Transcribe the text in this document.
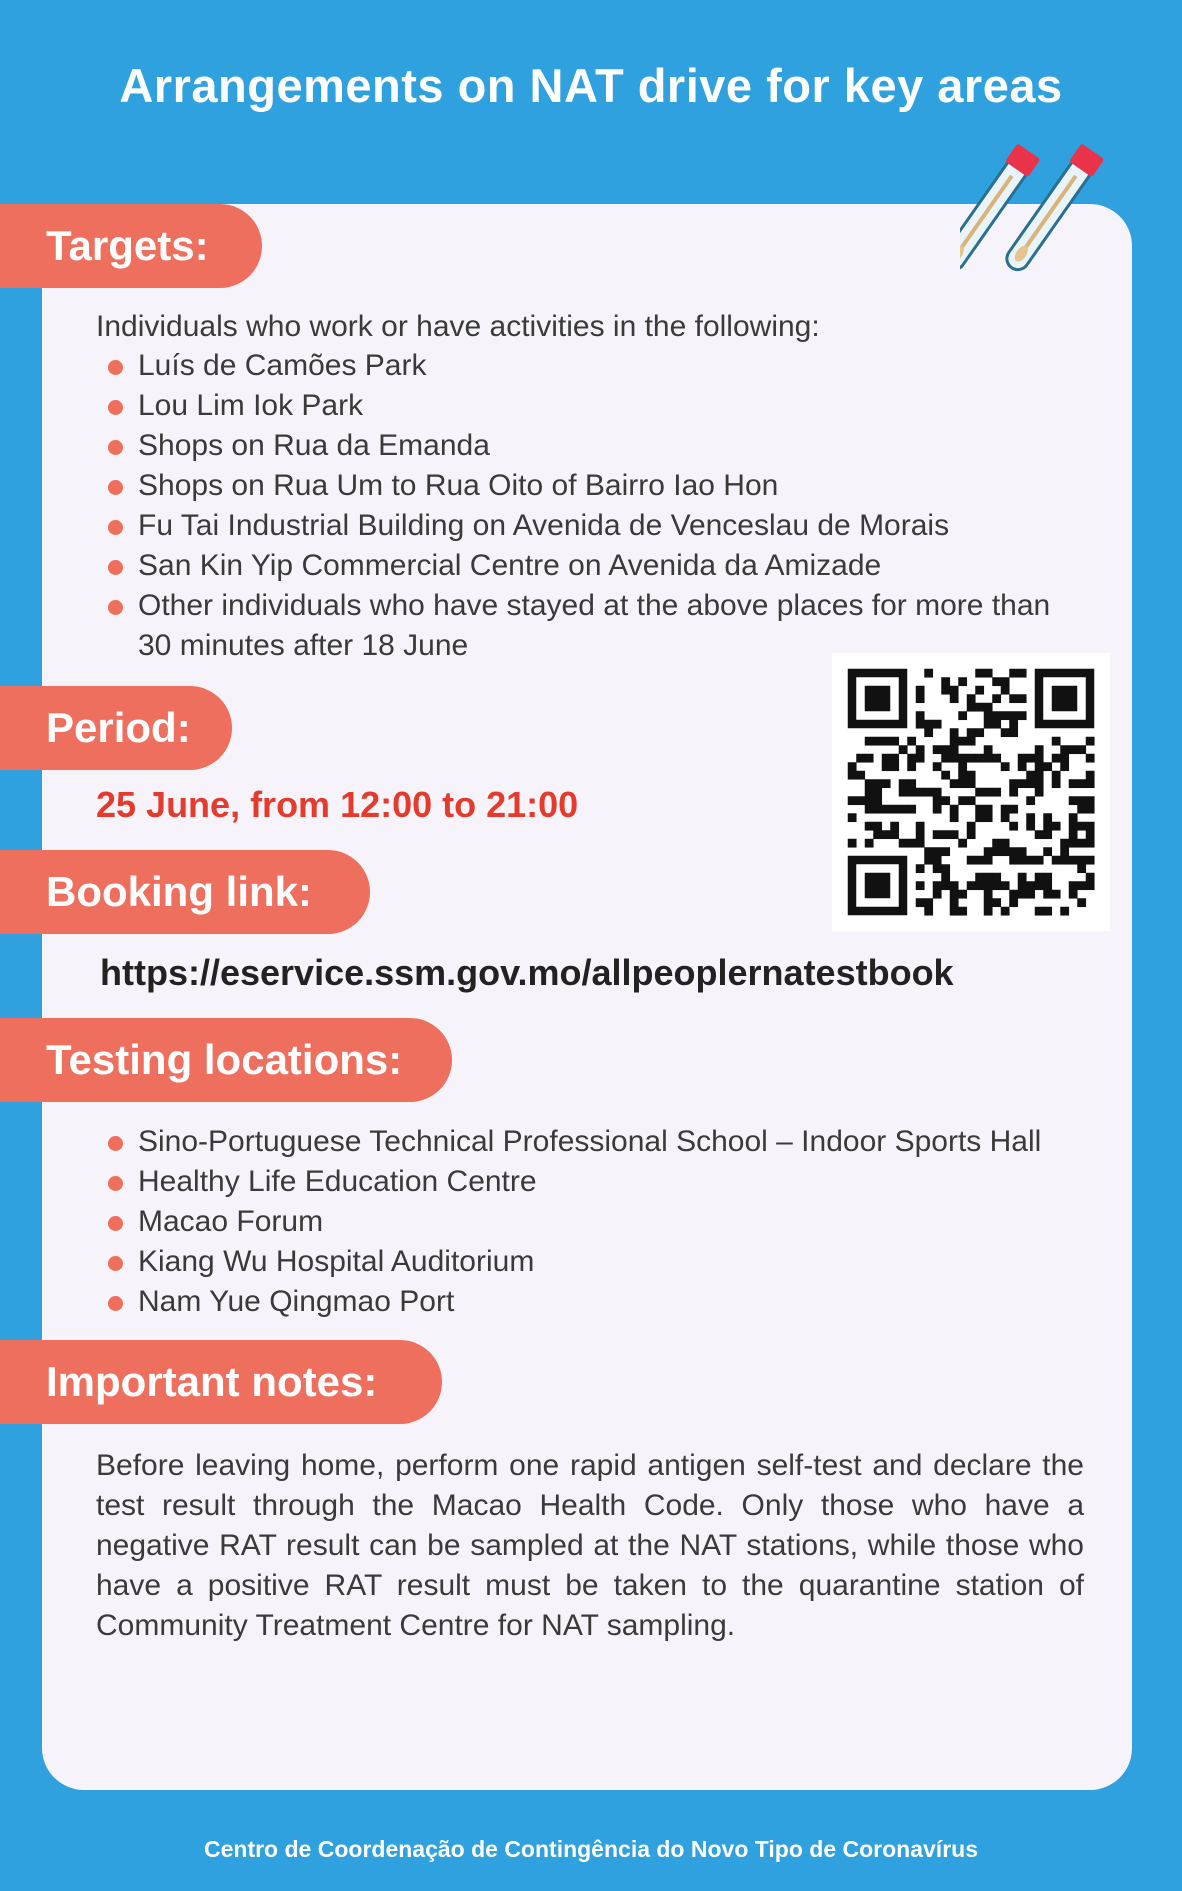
Arrangements on NAT drive for key areas
Targets:
Individuals who work or have activities in the following:
Luís de Camões Park
Lou Lim Iok Park
Shops on Rua da Emanda
Shops on Rua Um to Rua Oito of Bairro Iao Hon
Fu Tai Industrial Building on Avenida de Venceslau de Morais
San Kin Yip Commercial Centre on Avenida da Amizade
Other individuals who have stayed at the above places for more than 30 minutes after 18 June
Period:
25 June, from 12:00 to 21:00
Booking link:
https://eservice.ssm.gov.mo/allpeoplernatestbook
Testing locations:
Sino-Portuguese Technical Professional School – Indoor Sports Hall
Healthy Life Education Centre
Macao Forum
Kiang Wu Hospital Auditorium
Nam Yue Qingmao Port
Important notes:
Before leaving home, perform one rapid antigen self-test and declare the test result through the Macao Health Code. Only those who have a negative RAT result can be sampled at the NAT stations, while those who have a positive RAT result must be taken to the quarantine station of Community Treatment Centre for NAT sampling.
Centro de Coordenação de Contingência do Novo Tipo de Coronavírus
